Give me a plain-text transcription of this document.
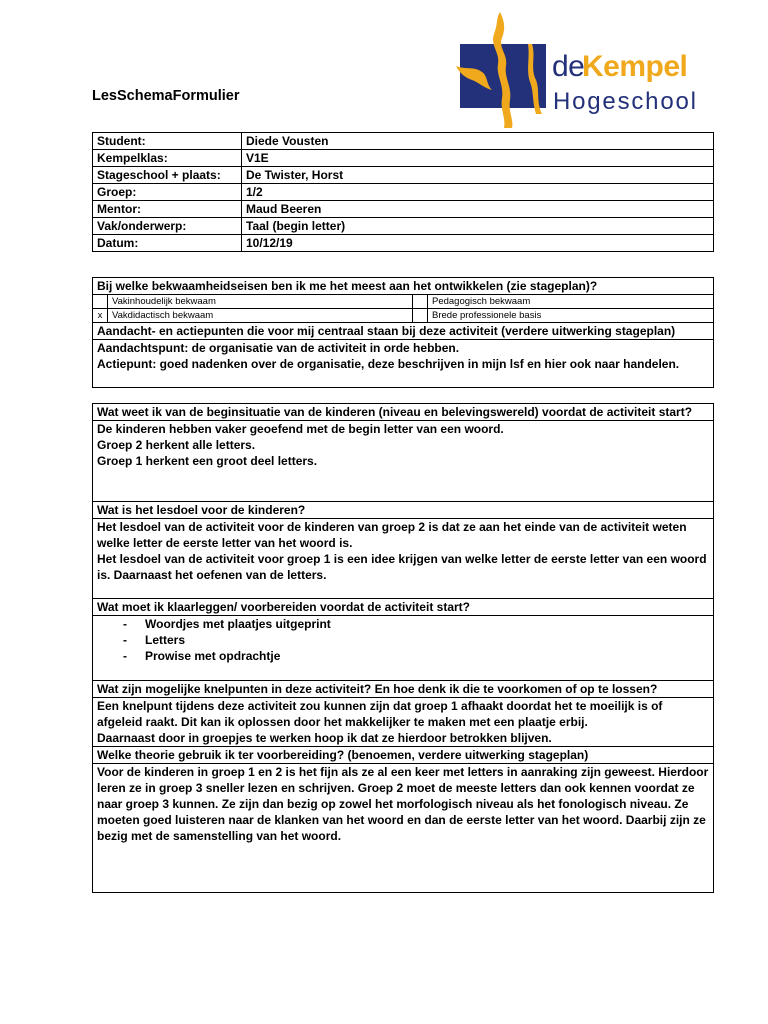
LesSchemaFormulier
de
Kempel
Hogeschool
Student:	Diede Vousten
Kempelklas:	V1E
Stageschool + plaats:	De Twister, Horst
Groep:	1/2
Mentor:	Maud Beeren
Vak/onderwerp:	Taal (begin letter)
Datum:	10/12/19
Bij welke bekwaamheidseisen ben ik me het meest aan het ontwikkelen (zie stageplan)?			
	Vakinhoudelijk bekwaam		Pedagogisch bekwaam
x	Vakdidactisch bekwaam		Brede professionele basis
Aandacht- en actiepunten die voor mij centraal staan bij deze activiteit (verdere uitwerking stageplan)			

Aandachtspunt: de organisatie van de activiteit in orde hebben.
Actiepunt: goed nadenken over de organisatie, deze beschrijven in mijn lsf en hier ook naar handelen.			
Wat weet ik van de beginsituatie van de kinderen (niveau en belevingswereld) voordat de activiteit start?

De kinderen hebben vaker geoefend met de begin letter van een woord.
Groep 2 herkent alle letters.
Groep 1 herkent een groot deel letters.

Wat is het lesdoel voor de kinderen?

Het lesdoel van de activiteit voor de kinderen van groep 2 is dat ze aan het einde van de activiteit weten welke letter de eerste letter van het woord is.
Het lesdoel van de activiteit voor groep 1 is een idee krijgen van welke letter de eerste letter van een woord is. Daarnaast het oefenen van de letters.

Wat moet ik klaarleggen/ voorbereiden voordat de activiteit start?

- Woordjes met plaatjes uitgeprint
- Letters
- Prowise met opdrachtje

Wat zijn mogelijke knelpunten in deze activiteit? En hoe denk ik die te voorkomen of op te lossen?

Een knelpunt tijdens deze activiteit zou kunnen zijn dat groep 1 afhaakt doordat het te moeilijk is of afgeleid raakt. Dit kan ik oplossen door het makkelijker te maken met een plaatje erbij.
Daarnaast door in groepjes te werken hoop ik dat ze hierdoor betrokken blijven.

Welke theorie gebruik ik ter voorbereiding? (benoemen, verdere uitwerking stageplan)

Voor de kinderen in groep 1 en 2 is het fijn als ze al een keer met letters in aanraking zijn geweest. Hierdoor leren ze in groep 3 sneller lezen en schrijven. Groep 2 moet de meeste letters dan ook kennen voordat ze naar groep 3 kunnen. Ze zijn dan bezig op zowel het morfologisch niveau als het fonologisch niveau. Ze moeten goed luisteren naar de klanken van het woord en dan de eerste letter van het woord. Daarbij zijn ze bezig met de samenstelling van het woord.
